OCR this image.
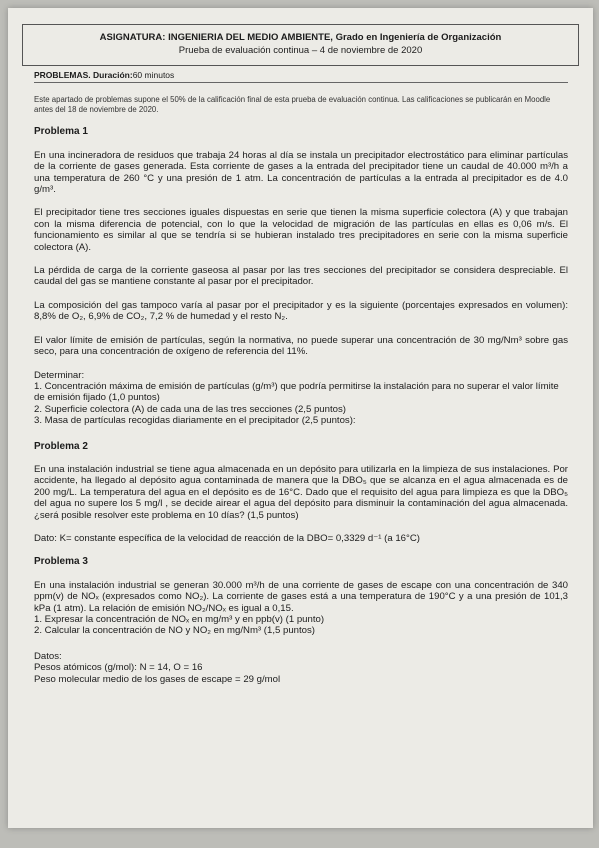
ASIGNATURA: INGENIERIA DEL MEDIO AMBIENTE, Grado en Ingeniería de Organización
Prueba de evaluación continua – 4 de noviembre de 2020
PROBLEMAS. Duración:60 minutos
Este apartado de problemas supone el 50% de la calificación final de esta prueba de evaluación continua. Las calificaciones se publicarán en Moodle antes del 18 de noviembre de 2020.
Problema 1

En una incineradora de residuos que trabaja 24 horas al día se instala un precipitador electrostático para eliminar partículas de la corriente de gases generada. Esta corriente de gases a la entrada del precipitador tiene un caudal de 40.000 m³/h a una temperatura de 260 °C y una presión de 1 atm. La concentración de partículas a la entrada al precipitador es de 4.0 g/m³.

El precipitador tiene tres secciones iguales dispuestas en serie que tienen la misma superficie colectora (A) y que trabajan con la misma diferencia de potencial, con lo que la velocidad de migración de las partículas en ellas es 0,06 m/s. El funcionamiento es similar al que se tendría si se hubieran instalado tres precipitadores en serie con la misma superficie colectora (A).

La pérdida de carga de la corriente gaseosa al pasar por las tres secciones del precipitador se considera despreciable. El caudal del gas se mantiene constante al pasar por el precipitador.

La composición del gas tampoco varía al pasar por el precipitador y es la siguiente (porcentajes expresados en volumen): 8,8% de O₂, 6,9% de CO₂, 7,2 % de humedad y el resto N₂.

El valor límite de emisión de partículas, según la normativa, no puede superar una concentración de 30 mg/Nm³ sobre gas seco, para una concentración de oxígeno de referencia del 11%.

Determinar:
1. Concentración máxima de emisión de partículas (g/m³) que podría permitirse la instalación para no superar el valor límite de emisión fijado (1,0 puntos)
2. Superficie colectora (A) de cada una de las tres secciones (2,5 puntos)
3. Masa de partículas recogidas diariamente en el precipitador (2,5 puntos):
Problema 2

En una instalación industrial se tiene agua almacenada en un depósito para utilizarla en la limpieza de sus instalaciones. Por accidente, ha llegado al depósito agua contaminada de manera que la DBO₅ que se alcanza en el agua almacenada es de 200 mg/L. La temperatura del agua en el depósito es de 16°C. Dado que el requisito del agua para limpieza es que la DBO₅ del agua no supere los 5 mg/l , se decide airear el agua del depósito para disminuir la contaminación del agua almacenada. ¿será posible resolver este problema en 10 días? (1,5 puntos)

Dato: K= constante específica de la velocidad de reacción de la DBO= 0,3329 d⁻¹ (a 16°C)

Problema 3

En una instalación industrial se generan 30.000 m³/h de una corriente de gases de escape con una concentración de 340 ppm(v) de NOₓ (expresados como NO₂). La corriente de gases está a una temperatura de 190°C y a una presión de 101,3 kPa (1 atm). La relación de emisión NO₂/NOₓ es igual a 0,15.

1. Expresar la concentración de NOₓ en mg/m³ y en ppb(v) (1 punto)
2. Calcular la concentración de NO y NO₂ en mg/Nm³ (1,5 puntos)
Datos:
Pesos atómicos (g/mol): N = 14, O = 16
Peso molecular medio de los gases de escape = 29 g/mol
